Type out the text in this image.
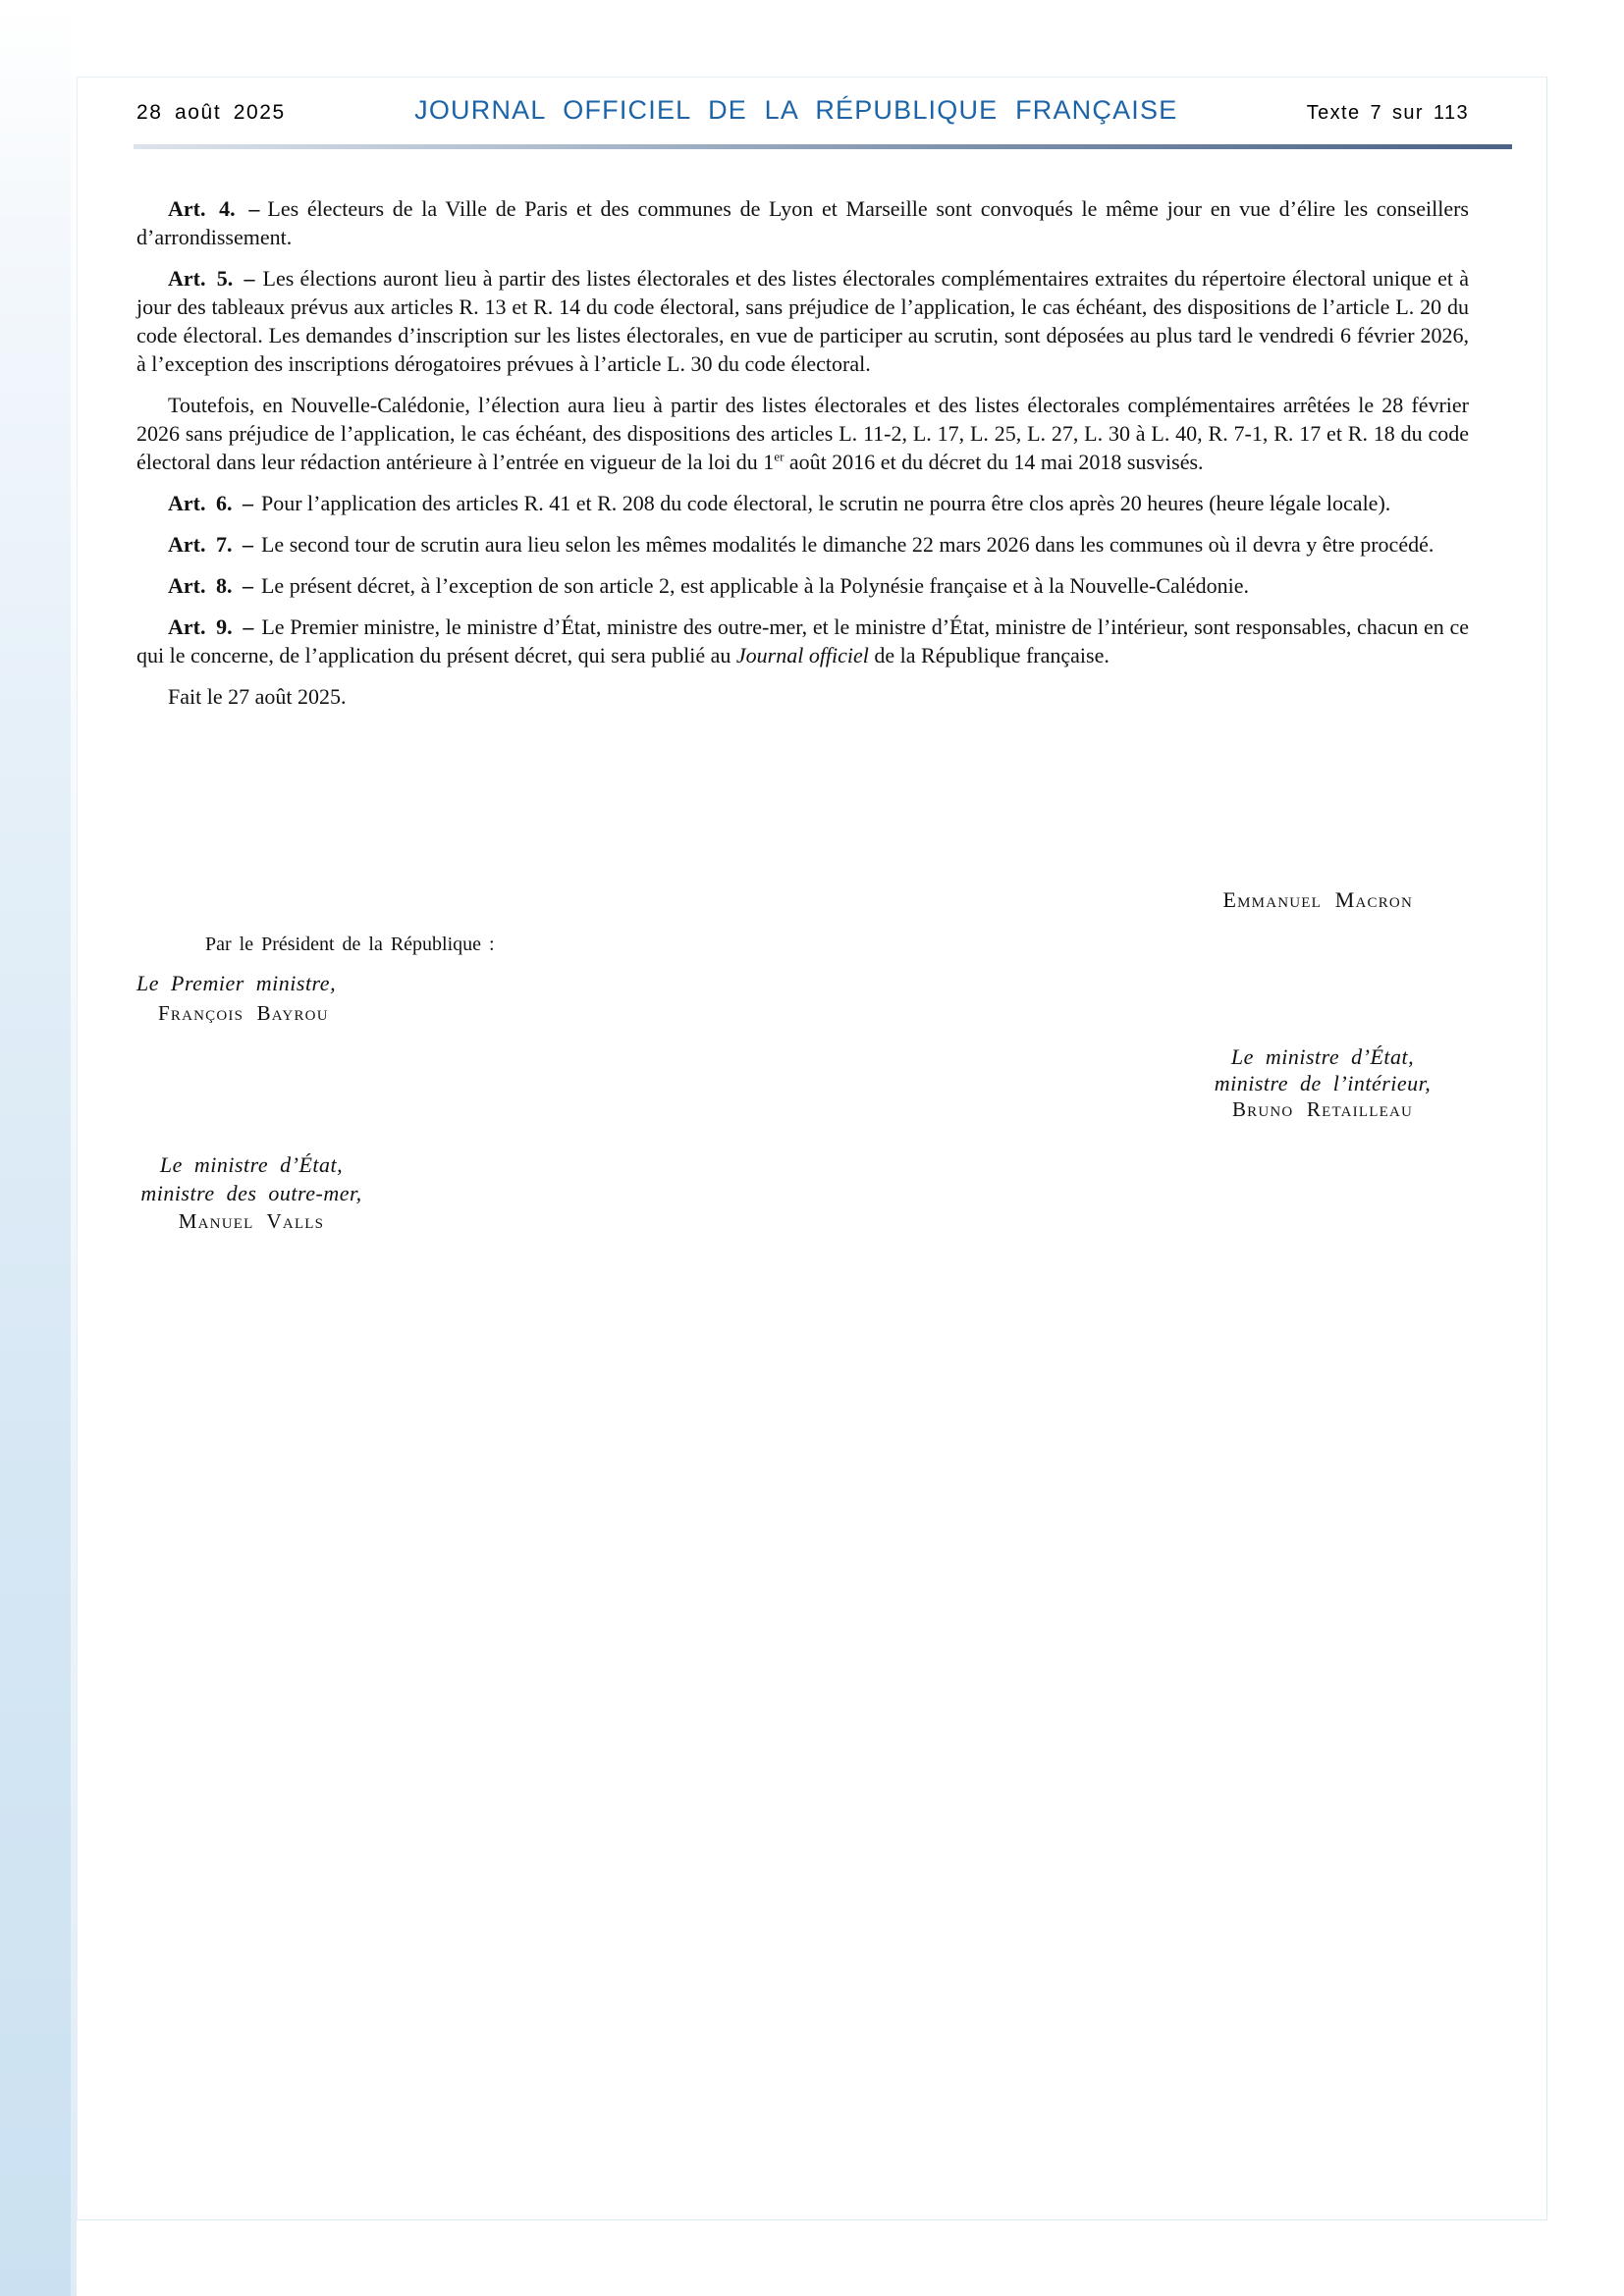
28 août 2025	JOURNAL OFFICIEL DE LA RÉPUBLIQUE FRANÇAISE	Texte 7 sur 113

Art. 4. – Les électeurs de la Ville de Paris et des communes de Lyon et Marseille sont convoqués le même jour en vue d’élire les conseillers d’arrondissement.

Art. 5. – Les élections auront lieu à partir des listes électorales et des listes électorales complémentaires extraites du répertoire électoral unique et à jour des tableaux prévus aux articles R. 13 et R. 14 du code électoral, sans préjudice de l’application, le cas échéant, des dispositions de l’article L. 20 du code électoral. Les demandes d’inscription sur les listes électorales, en vue de participer au scrutin, sont déposées au plus tard le vendredi 6 février 2026, à l’exception des inscriptions dérogatoires prévues à l’article L. 30 du code électoral.

Toutefois, en Nouvelle-Calédonie, l’élection aura lieu à partir des listes électorales et des listes électorales complémentaires arrêtées le 28 février 2026 sans préjudice de l’application, le cas échéant, des dispositions des articles L. 11-2, L. 17, L. 25, L. 27, L. 30 à L. 40, R. 7-1, R. 17 et R. 18 du code électoral dans leur rédaction antérieure à l’entrée en vigueur de la loi du 1er août 2016 et du décret du 14 mai 2018 susvisés.

Art. 6. – Pour l’application des articles R. 41 et R. 208 du code électoral, le scrutin ne pourra être clos après 20 heures (heure légale locale).

Art. 7. – Le second tour de scrutin aura lieu selon les mêmes modalités le dimanche 22 mars 2026 dans les communes où il devra y être procédé.

Art. 8. – Le présent décret, à l’exception de son article 2, est applicable à la Polynésie française et à la Nouvelle-Calédonie.

Art. 9. – Le Premier ministre, le ministre d’État, ministre des outre-mer, et le ministre d’État, ministre de l’intérieur, sont responsables, chacun en ce qui le concerne, de l’application du présent décret, qui sera publié au Journal officiel de la République française.

Fait le 27 août 2025.

Emmanuel Macron
Par le Président de la République :
Le Premier ministre,
François Bayrou
Le ministre d’État,
ministre de l’intérieur,
Bruno Retailleau
Le ministre d’État,
ministre des outre-mer,
Manuel Valls
